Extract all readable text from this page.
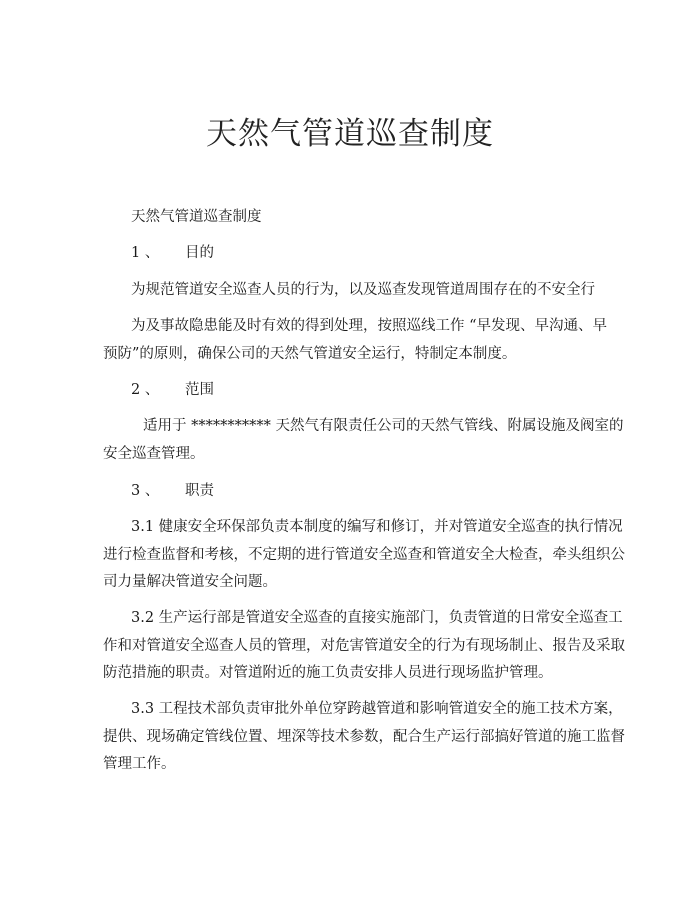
天然气管道巡查制度
天然气管道巡查制度
1 、 目的
为规范管道安全巡查人员的行为，以及巡查发现管道周围存在的不安全行
为及事故隐患能及时有效的得到处理，按照巡线工作 “早发现、早沟通、早
预防”的原则，确保公司的天然气管道安全运行，特制定本制度。
2 、 范围
适用于 *********** 天然气有限责任公司的天然气管线、附属设施及阀室的
安全巡查管理。
3 、 职责
3.1 健康安全环保部负责本制度的编写和修订，并对管道安全巡查的执行情况
进行检查监督和考核，不定期的进行管道安全巡查和管道安全大检查，牵头组织公
司力量解决管道安全问题。
3.2 生产运行部是管道安全巡查的直接实施部门，负责管道的日常安全巡查工
作和对管道安全巡查人员的管理，对危害管道安全的行为有现场制止、报告及采取
防范措施的职责。对管道附近的施工负责安排人员进行现场监护管理。
3.3 工程技术部负责审批外单位穿跨越管道和影响管道安全的施工技术方案，
提供、现场确定管线位置、埋深等技术参数，配合生产运行部搞好管道的施工监督
管理工作。
